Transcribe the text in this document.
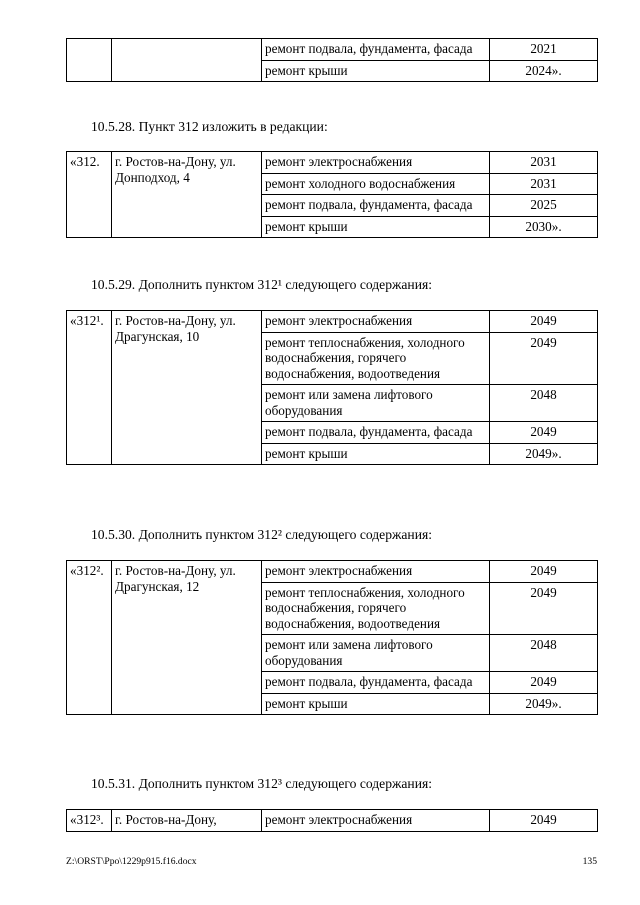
		ремонт подвала, фундамента, фасада	2021
		ремонт крыши	2024».
10.5.28. Пункт 312 изложить в редакции:
«312.	г. Ростов-на-Дону, ул. Донподход, 4	ремонт электроснабжения	2031
		ремонт холодного водоснабжения	2031
		ремонт подвала, фундамента, фасада	2025
		ремонт крыши	2030».
10.5.29. Дополнить пунктом 312¹ следующего содержания:
«312¹.	г. Ростов-на-Дону, ул. Драгунская, 10	ремонт электроснабжения	2049
		ремонт теплоснабжения, холодного водоснабжения, горячего водоснабжения, водоотведения	2049
		ремонт или замена лифтового оборудования	2048
		ремонт подвала, фундамента, фасада	2049
		ремонт крыши	2049».
10.5.30. Дополнить пунктом 312² следующего содержания:
«312².	г. Ростов-на-Дону, ул. Драгунская, 12	ремонт электроснабжения	2049
		ремонт теплоснабжения, холодного водоснабжения, горячего водоснабжения, водоотведения	2049
		ремонт или замена лифтового оборудования	2048
		ремонт подвала, фундамента, фасада	2049
		ремонт крыши	2049».
10.5.31. Дополнить пунктом 312³ следующего содержания:
«312³.	г. Ростов-на-Дону,	ремонт электроснабжения	2049
Z:\ORST\Ppo\1229p915.f16.docx	135
